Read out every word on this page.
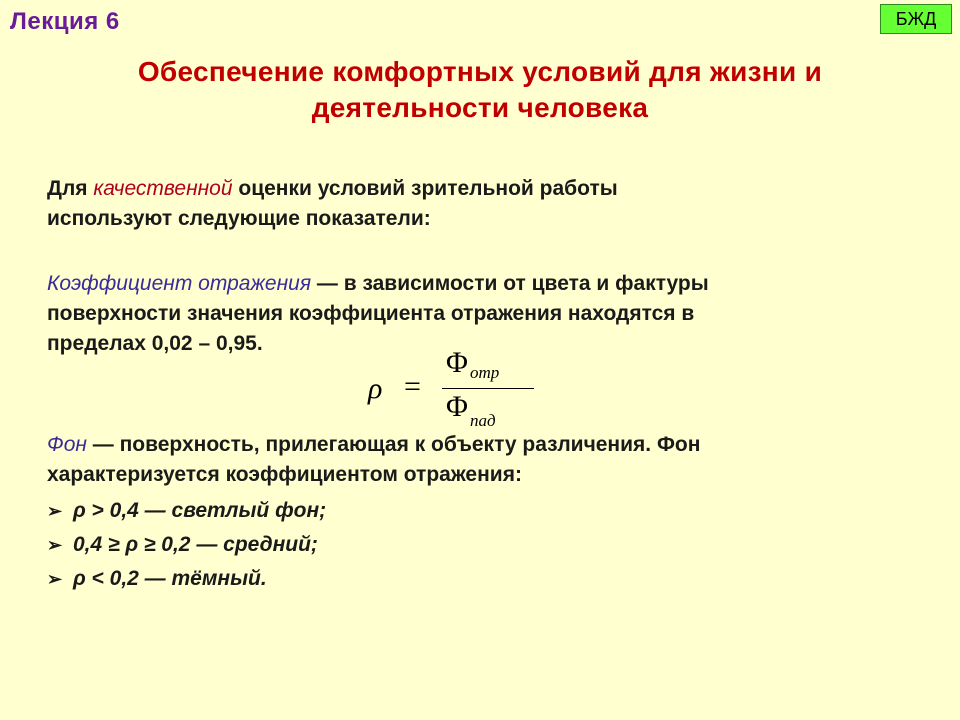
Лекция 6	БЖД
Обеспечение комфортных условий для жизни и
деятельности человека
Для качественной оценки условий зрительной работы
используют следующие показатели:
Коэффициент отражения — в зависимости от цвета и фактуры
поверхности значения коэффициента отражения находятся в
пределах 0,02 – 0,95.
ρ =
Φ $_{отр}$
Φ $_{пад}$
Фон — поверхность, прилегающая к объекту различения. Фон
характеризуется коэффициентом отражения:
➢ ρ > 0,4 — светлый фон;
➢ 0,4 ≥ ρ ≥ 0,2 — средний;
➢ ρ < 0,2 — тёмный.
